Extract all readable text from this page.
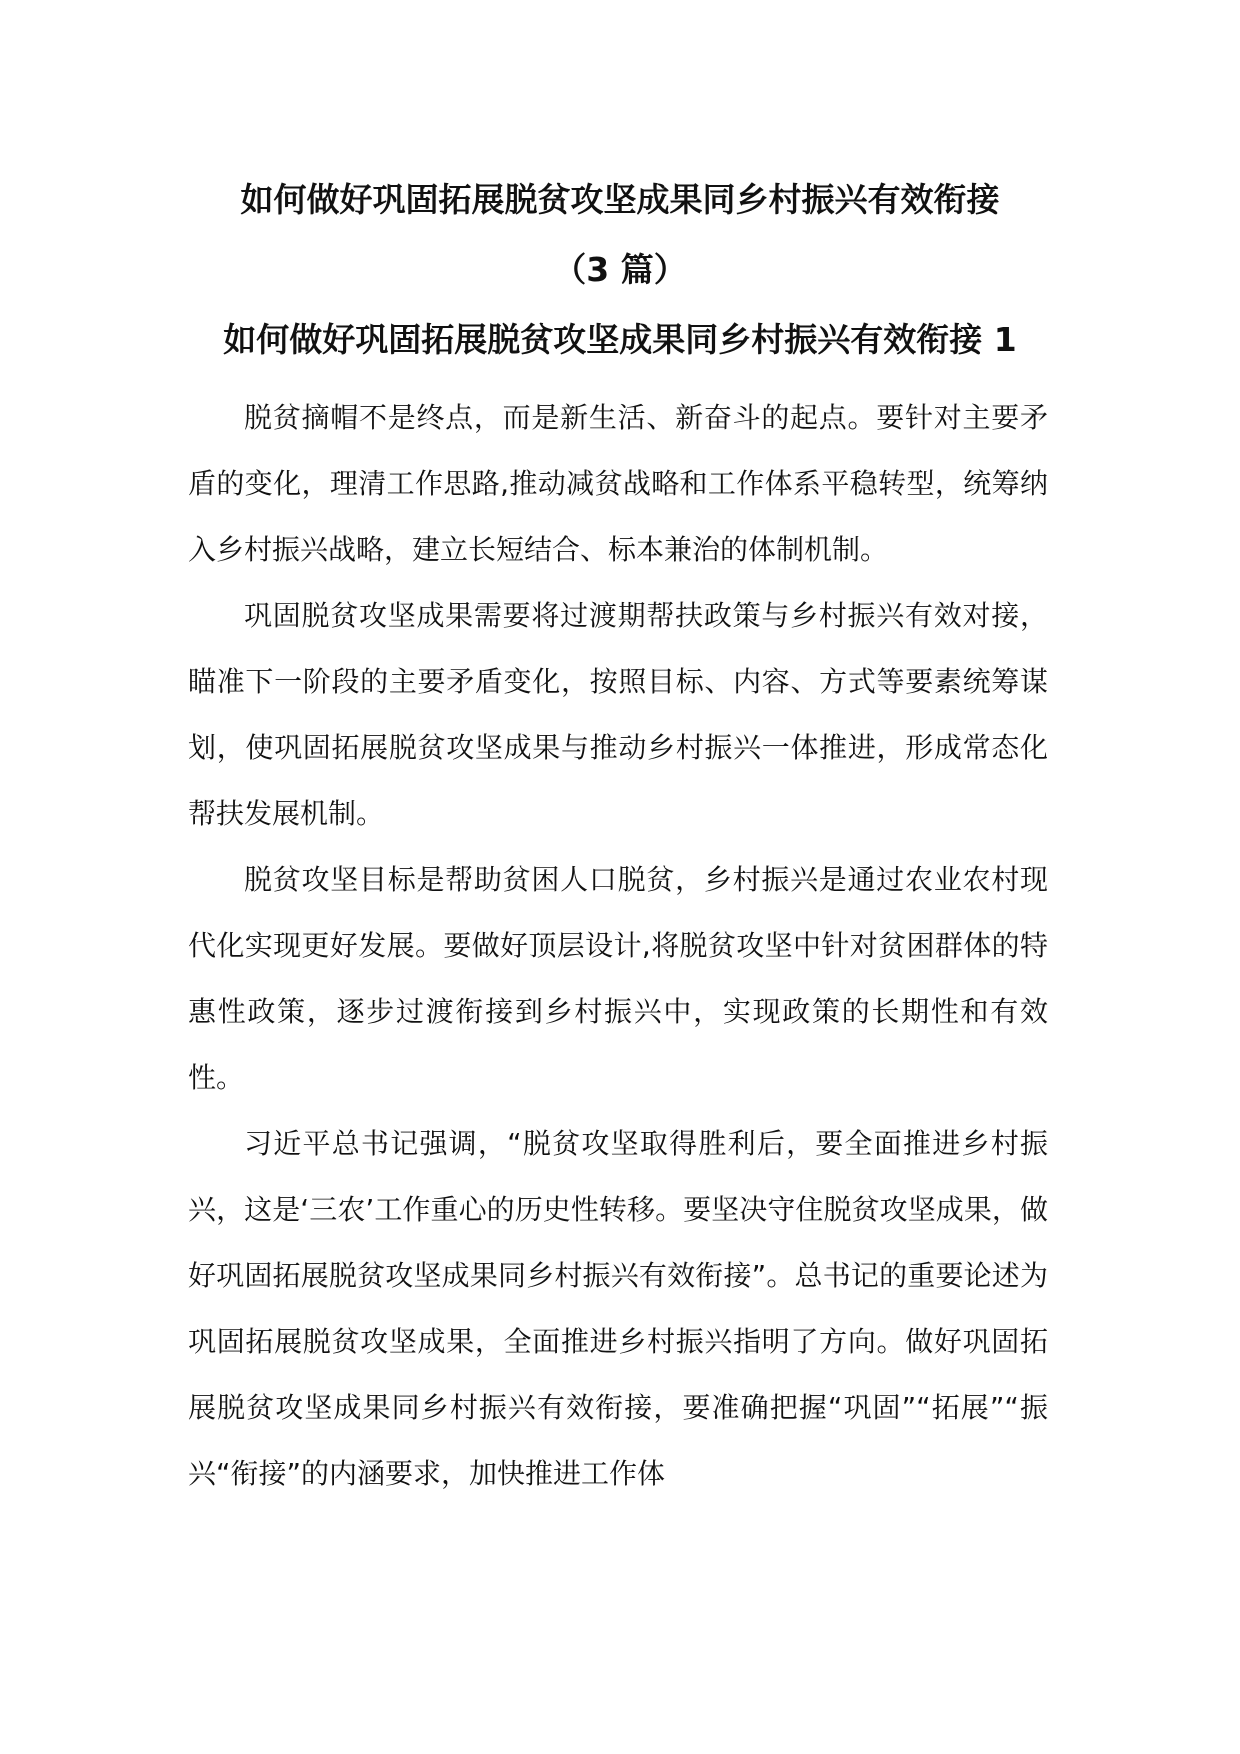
如何做好巩固拓展脱贫攻坚成果同乡村振兴有效衔接
（3 篇）
如何做好巩固拓展脱贫攻坚成果同乡村振兴有效衔接 1

脱贫摘帽不是终点，而是新生活、新奋斗的起点。要针对主要矛盾的变化，理清工作思路,推动减贫战略和工作体系平稳转型，统筹纳入乡村振兴战略，建立长短结合、标本兼治的体制机制。

巩固脱贫攻坚成果需要将过渡期帮扶政策与乡村振兴有效对接，瞄准下一阶段的主要矛盾变化，按照目标、内容、方式等要素统筹谋划，使巩固拓展脱贫攻坚成果与推动乡村振兴一体推进，形成常态化帮扶发展机制。

脱贫攻坚目标是帮助贫困人口脱贫，乡村振兴是通过农业农村现代化实现更好发展。要做好顶层设计,将脱贫攻坚中针对贫困群体的特惠性政策，逐步过渡衔接到乡村振兴中，实现政策的长期性和有效性。

习近平总书记强调，“脱贫攻坚取得胜利后，要全面推进乡村振兴，这是‘三农’工作重心的历史性转移。要坚决守住脱贫攻坚成果，做好巩固拓展脱贫攻坚成果同乡村振兴有效衔接”。总书记的重要论述为巩固拓展脱贫攻坚成果，全面推进乡村振兴指明了方向。做好巩固拓展脱贫攻坚成果同乡村振兴有效衔接，要准确把握“巩固”“拓展”“振兴“衔接”的内涵要求，加快推进工作体
